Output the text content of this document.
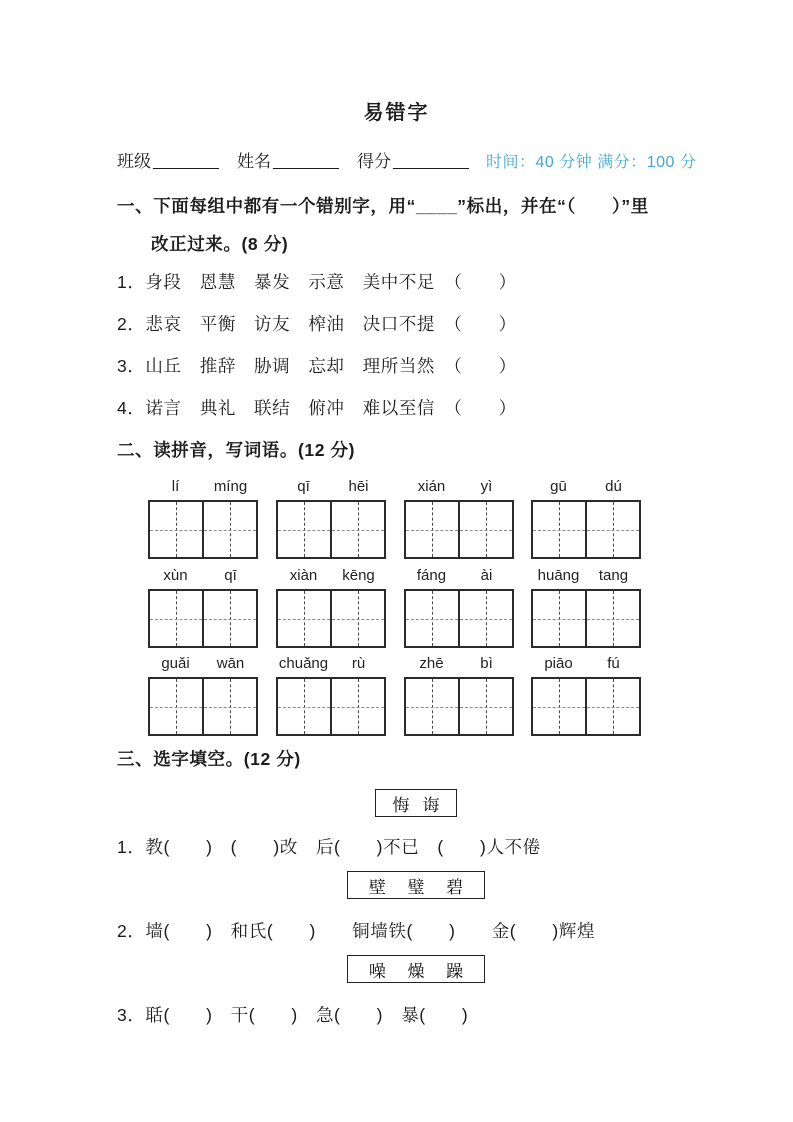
易错字
班级	姓名	得分	时间：40 分钟 满分：100 分
一、下面每组中都有一个错别字，用“____”标出，并在“（　　）”里
改正过来。(8 分)
1．身段　恩慧　暴发　示意　美中不足　（　　）
2．悲哀　平衡　访友　榨油　决口不提　（　　）
3．山丘　推辞　胁调　忘却　理所当然　（　　）
4．诺言　典礼　联结　俯冲　难以至信　（　　）
二、读拼音，写词语。(12 分)
lí	míng	qī	hēi	xián	yì	gū	dú
xùn	qī	xiàn	kēng	fáng	ài	huāng	tang
guǎi	wān	chuǎng	rù	zhē	bì	piāo	fú
三、选字填空。(12 分)
悔 诲
1．教(　　)　(　　)改　后(　　)不已　(　　)人不倦
壁 璧 碧
2．墙(　　)　和氏(　　)　　铜墙铁(　　)　　金(　　)辉煌
噪 燥 躁
3．聒(　　)　干(　　)　急(　　)　暴(　　)
